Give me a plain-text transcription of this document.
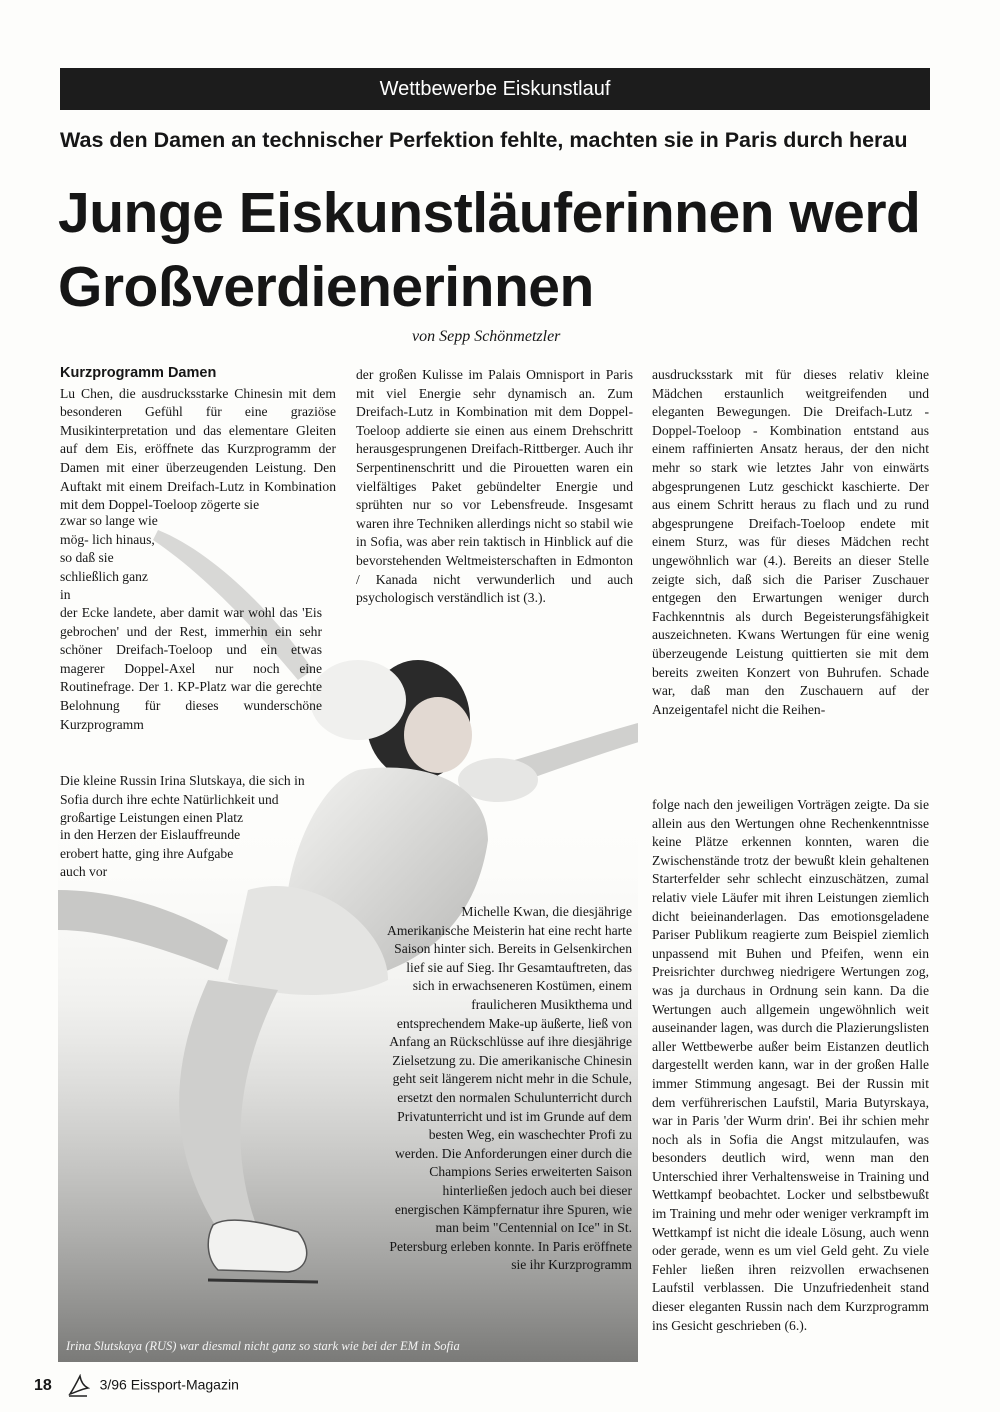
Wettbewerbe Eiskunstlauf
Was den Damen an technischer Perfektion fehlte, machten sie in Paris durch herau
Junge Eiskunstläuferinnen werd
Großverdienerinnen
von Sepp Schönmetzler
Irina Slutskaya (RUS) war diesmal nicht ganz so stark wie bei der EM in Sofia
Kurzprogramm Damen

Lu Chen, die ausdrucksstarke Chinesin mit dem besonderen Gefühl für eine graziöse Musikinterpretation und das elementare Gleiten auf dem Eis, eröffnete das Kurzprogramm der Damen mit einer überzeugenden Leistung. Den Auftakt mit einem Dreifach-Lutz in Kombination mit dem Doppel-Toeloop zögerte sie

zwar so lange wie mög- lich hinaus, so daß sie schließlich ganz in
der Ecke landete, aber damit war wohl das 'Eis gebrochen' und der Rest, immerhin ein sehr schöner Dreifach-Toeloop und ein etwas magerer Doppel-Axel nur noch eine Routinefrage. Der 1. KP-Platz war die gerechte Belohnung für dieses wunderschöne Kurzprogramm
Die kleine Russin Irina Slutskaya, die sich in Sofia durch ihre echte Natürlichkeit und großartige Leistungen einen Platz
in den Herzen der Eislauffreunde erobert hatte, ging ihre Aufgabe auch vor

der großen Kulisse im Palais Omnisport in Paris mit viel Energie sehr dynamisch an. Zum Dreifach-Lutz in Kombination mit dem Doppel-Toeloop addierte sie einen aus einem Drehschritt herausgesprungenen Dreifach-Rittberger. Auch ihr Serpentinenschritt und die Pirouetten waren ein vielfältiges Paket gebündelter Energie und sprühten nur so vor Lebensfreude. Insgesamt waren ihre Techniken allerdings nicht so stabil wie in Sofia, was aber rein taktisch in Hinblick auf die bevorstehenden Weltmeisterschaften in Edmonton / Kanada nicht verwunderlich und auch psychologisch verständlich ist (3.).

Michelle Kwan, die diesjährige Amerikanische Meisterin hat eine recht harte Saison hinter sich. Bereits in Gelsenkirchen lief sie auf Sieg. Ihr Gesamtauftreten, das sich in erwachseneren Kostümen, einem fraulicheren Musikthema und entsprechendem Make-up äußerte, ließ von Anfang an Rückschlüsse auf ihre diesjährige Zielsetzung zu. Die amerikanische Chinesin geht seit längerem nicht mehr in die Schule, ersetzt den normalen Schulunterricht durch Privatunterricht und ist im Grunde auf dem besten Weg, ein waschechter Profi zu werden. Die Anforderungen einer durch die Champions Series erweiterten Saison hinterließen jedoch auch bei dieser energischen Kämpfernatur ihre Spuren, wie man beim "Centennial on Ice" in St. Petersburg erleben konnte. In Paris eröffnete sie ihr Kurzprogramm

ausdrucksstark mit für dieses relativ kleine Mädchen erstaunlich weitgreifenden und eleganten Bewegungen. Die Dreifach-Lutz - Doppel-Toeloop - Kombination entstand aus einem raffinierten Ansatz heraus, der den nicht mehr so stark wie letztes Jahr von einwärts abgesprungenen Lutz geschickt kaschierte. Der aus einem Schritt heraus zu flach und zu rund abgesprungene Dreifach-Toeloop endete mit einem Sturz, was für dieses Mädchen recht ungewöhnlich war (4.). Bereits an dieser Stelle zeigte sich, daß sich die Pariser Zuschauer entgegen den Erwartungen weniger durch Fachkenntnis als durch Begeisterungsfähigkeit auszeichneten. Kwans Wertungen für eine wenig überzeugende Leistung quittierten sie mit dem bereits zweiten Konzert von Buhrufen. Schade war, daß man den Zuschauern auf der Anzeigentafel nicht die Reihen-

folge nach den jeweiligen Vorträgen zeigte. Da sie allein aus den Wertungen ohne Rechenkenntnisse keine Plätze erkennen konnten, waren die Zwischenstände trotz der bewußt klein gehaltenen Starterfelder sehr schlecht einzuschätzen, zumal relativ viele Läufer mit ihren Leistungen ziemlich dicht beieinanderlagen. Das emotionsgeladene Pariser Publikum reagierte zum Beispiel ziemlich unpassend mit Buhen und Pfeifen, wenn ein Preisrichter durchweg niedrigere Wertungen zog, was ja durchaus in Ordnung sein kann. Da die Wertungen auch allgemein ungewöhnlich weit auseinander lagen, was durch die Plazierungslisten aller Wettbewerbe außer beim Eistanzen deutlich dargestellt werden kann, war in der großen Halle immer Stimmung angesagt. Bei der Russin mit dem verführerischen Laufstil, Maria Butyrskaya, war in Paris 'der Wurm drin'. Bei ihr schien mehr noch als in Sofia die Angst mitzulaufen, was besonders deutlich wird, wenn man den Unterschied ihrer Verhaltensweise in Training und Wettkampf beobachtet. Locker und selbstbewußt im Training und mehr oder weniger verkrampft im Wettkampf ist nicht die ideale Lösung, auch wenn oder gerade, wenn es um viel Geld geht. Zu viele Fehler ließen ihren reizvollen erwachsenen Laufstil verblassen. Die Unzufriedenheit stand dieser eleganten Russin nach dem Kurzprogramm ins Gesicht geschrieben (6.).

18	3/96 Eissport-Magazin
